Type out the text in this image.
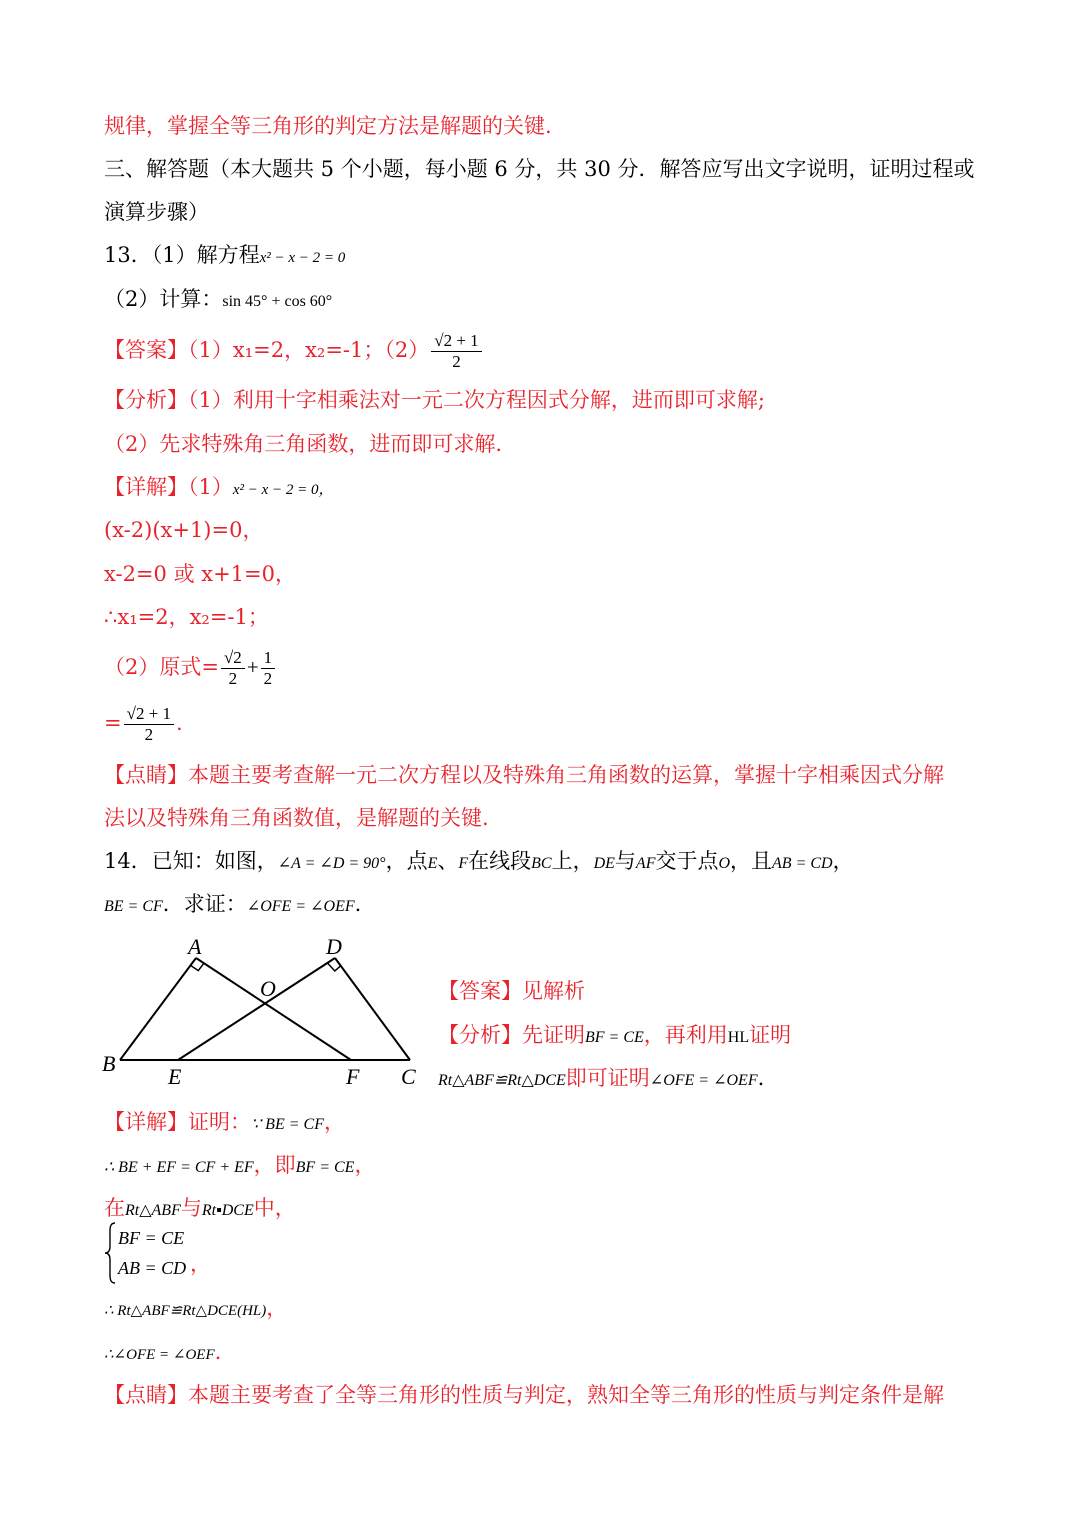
规律，掌握全等三角形的判定方法是解题的关键.
三、解答题（本大题共 5 个小题，每小题 6 分，共 30 分．解答应写出文字说明，证明过程或
演算步骤）
13．（1）解方程x² − x − 2 = 0
（2）计算：sin 45° + cos 60°
【答案】（1）x₁=2，x₂=-1；$(2) \frac{√2 + 1}{2}$
【分析】（1）利用十字相乘法对一元二次方程因式分解，进而即可求解;
（2）先求特殊角三角函数，进而即可求解.
【详解】（1）x² − x − 2 = 0，
(x-2)(x+1)=0，
x-2=0 或 x+1=0，
∴x₁=2，x₂=-1；
（2）原式= $\frac{√2}{2} + \frac{1}{2}$
= $\frac{√2 + 1}{2}$ .
【点睛】本题主要考查解一元二次方程以及特殊角三角函数的运算，掌握十字相乘因式分解
法以及特殊角三角函数值，是解题的关键.
14．已知：如图，∠A = ∠D = 90°，点E、F在线段BC上，DE与AF交于点O，且AB = CD，
BE = CF．求证：∠OFE = ∠OEF.
A	D
O
B
E	F C
【答案】见解析
【分析】先证明BF = CE，再利用HL证明
Rt△ABF≌Rt△DCE即可证明∠OFE = ∠OEF.
【详解】证明：∵ BE = CF，
∴ BE + EF = CF + EF，即BF = CE，
在Rt△ABF与Rt▪DCE中，
BF = CE
AB = CD ，
∴ Rt△ABF≌Rt△DCE(HL)，
∴∠OFE = ∠OEF.
【点睛】本题主要考查了全等三角形的性质与判定，熟知全等三角形的性质与判定条件是解
